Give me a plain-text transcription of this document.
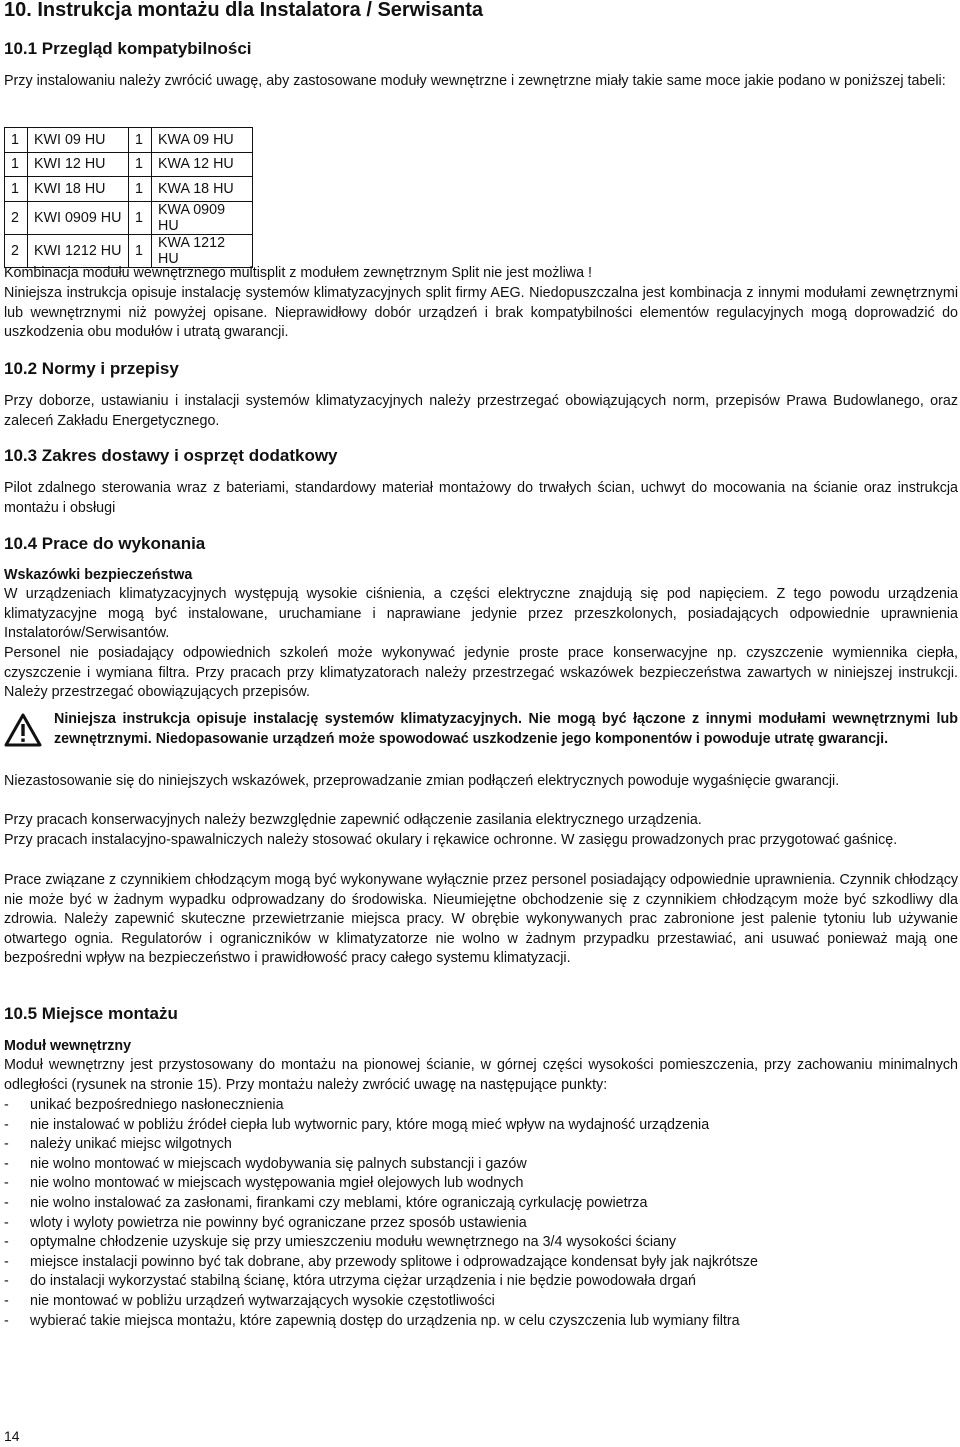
10. Instrukcja montażu dla Instalatora / Serwisanta
10.1 Przegląd kompatybilności

Przy instalowaniu należy zwrócić uwagę, aby zastosowane moduły wewnętrzne i zewnętrzne miały takie same moce jakie podano w poniższej tabeli:

1	KWI 09 HU	1	KWA 09 HU
1	KWI 12 HU	1	KWA 12 HU
1	KWI 18 HU	1	KWA 18 HU
2	KWI 0909 HU	1	KWA 0909 HU
2	KWI 1212 HU	1	KWA 1212 HU

Kombinacja modułu wewnętrznego multisplit z modułem zewnętrznym Split nie jest możliwa !

Niniejsza instrukcja opisuje instalację systemów klimatyzacyjnych split firmy AEG. Niedopuszczalna jest kombinacja z innymi modułami zewnętrznymi lub wewnętrznymi niż powyżej opisane. Nieprawidłowy dobór urządzeń i brak kompatybilności elementów regulacyjnych mogą doprowadzić do uszkodzenia obu modułów i utratą gwarancji.

10.2 Normy i przepisy

Przy doborze, ustawianiu i instalacji systemów klimatyzacyjnych należy przestrzegać obowiązujących norm, przepisów Prawa Budowlanego, oraz zaleceń Zakładu Energetycznego.

10.3 Zakres dostawy i osprzęt dodatkowy

Pilot zdalnego sterowania wraz z bateriami, standardowy materiał montażowy do trwałych ścian, uchwyt do mocowania na ścianie oraz instrukcja montażu i obsługi

10.4 Prace do wykonania

Wskazówki bezpieczeństwa

W urządzeniach klimatyzacyjnych występują wysokie ciśnienia, a części elektryczne znajdują się pod napięciem. Z tego powodu urządzenia klimatyzacyjne mogą być instalowane, uruchamiane i naprawiane jedynie przez przeszkolonych, posiadających odpowiednie uprawnienia Instalatorów/Serwisantów.

Personel nie posiadający odpowiednich szkoleń może wykonywać jedynie proste prace konserwacyjne np. czyszczenie wymiennika ciepła, czyszczenie i wymiana filtra. Przy pracach przy klimatyzatorach należy przestrzegać wskazówek bezpieczeństwa zawartych w niniejszej instrukcji. Należy przestrzegać obowiązujących przepisów.

Niniejsza instrukcja opisuje instalację systemów klimatyzacyjnych. Nie mogą być łączone z innymi modułami wewnętrznymi lub zewnętrznymi. Niedopasowanie urządzeń może spowodować uszkodzenie jego komponentów i powoduje utratę gwarancji.

Niezastosowanie się do niniejszych wskazówek, przeprowadzanie zmian podłączeń elektrycznych powoduje wygaśnięcie gwarancji.

Przy pracach konserwacyjnych należy bezwzględnie zapewnić odłączenie zasilania elektrycznego urządzenia.

Przy pracach instalacyjno-spawalniczych należy stosować okulary i rękawice ochronne. W zasięgu prowadzonych prac przygotować gaśnicę.

Prace związane z czynnikiem chłodzącym mogą być wykonywane wyłącznie przez personel posiadający odpowiednie uprawnienia. Czynnik chłodzący nie może być w żadnym wypadku odprowadzany do środowiska. Nieumiejętne obchodzenie się z czynnikiem chłodzącym może być szkodliwy dla zdrowia. Należy zapewnić skuteczne przewietrzanie miejsca pracy. W obrębie wykonywanych prac zabronione jest palenie tytoniu lub używanie otwartego ognia. Regulatorów i ograniczników w klimatyzatorze nie wolno w żadnym przypadku przestawiać, ani usuwać ponieważ mają one bezpośredni wpływ na bezpieczeństwo i prawidłowość pracy całego systemu klimatyzacji.

10.5 Miejsce montażu

Moduł wewnętrzny

Moduł wewnętrzny jest przystosowany do montażu na pionowej ścianie, w górnej części wysokości pomieszczenia, przy zachowaniu minimalnych odległości (rysunek na stronie 15). Przy montażu należy zwrócić uwagę na następujące punkty:

- unikać bezpośredniego nasłonecznienia
- nie instalować w pobliżu źródeł ciepła lub wytwornic pary, które mogą mieć wpływ na wydajność urządzenia
- należy unikać miejsc wilgotnych
- nie wolno montować w miejscach wydobywania się palnych substancji i gazów
- nie wolno montować w miejscach występowania mgieł olejowych lub wodnych
- nie wolno instalować za zasłonami, firankami czy meblami, które ograniczają cyrkulację powietrza
- wloty i wyloty powietrza nie powinny być ograniczane przez sposób ustawienia
- optymalne chłodzenie uzyskuje się przy umieszczeniu modułu wewnętrznego na 3/4 wysokości ściany
- miejsce instalacji powinno być tak dobrane, aby przewody splitowe i odprowadzające kondensat były jak najkrótsze
- do instalacji wykorzystać stabilną ścianę, która utrzyma ciężar urządzenia i nie będzie powodowała drgań
- nie montować w pobliżu urządzeń wytwarzających wysokie częstotliwości
- wybierać takie miejsca montażu, które zapewnią dostęp do urządzenia np. w celu czyszczenia lub wymiany filtra
14
